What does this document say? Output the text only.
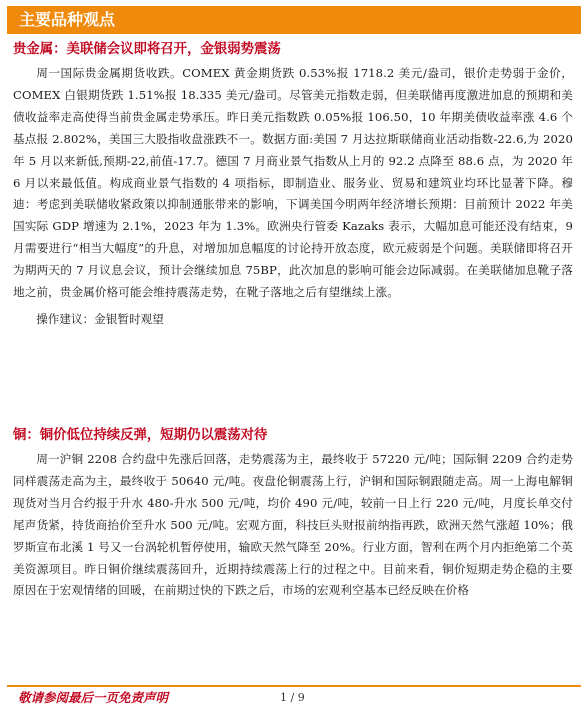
主要品种观点

贵金属：美联储会议即将召开，金银弱势震荡

周一国际贵金属期货收跌。COMEX 黄金期货跌 0.53%报 1718.2 美元/盎司，银价走势弱于金价，COMEX 白银期货跌 1.51%报 18.335 美元/盎司。尽管美元指数走弱，但美联储再度激进加息的预期和美债收益率走高使得当前贵金属走势承压。昨日美元指数跌 0.05%报 106.50，10 年期美债收益率涨 4.6 个基点报 2.802%，美国三大股指收盘涨跌不一。数据方面:美国 7 月达拉斯联储商业活动指数-22.6,为 2020 年 5 月以来新低,预期-22,前值-17.7。德国 7 月商业景气指数从上月的 92.2 点降至 88.6 点，为 2020 年 6 月以来最低值。构成商业景气指数的 4 项指标，即制造业、服务业、贸易和建筑业均环比显著下降。穆迪：考虑到美联储收紧政策以抑制通胀带来的影响，下调美国今明两年经济增长预期：目前预计 2022 年美国实际 GDP 增速为 2.1%，2023 年为 1.3%。欧洲央行管委 Kazaks 表示，大幅加息可能还没有结束，9 月需要进行“相当大幅度”的升息，对增加加息幅度的讨论持开放态度，欧元疲弱是个问题。美联储即将召开为期两天的 7 月议息会议，预计会继续加息 75BP，此次加息的影响可能会边际减弱。在美联储加息靴子落地之前，贵金属价格可能会维持震荡走势，在靴子落地之后有望继续上涨。

操作建议：金银暂时观望

铜：铜价低位持续反弹，短期仍以震荡对待

周一沪铜 2208 合约盘中先涨后回落，走势震荡为主，最终收于 57220 元/吨；国际铜 2209 合约走势同样震荡走高为主，最终收于 50640 元/吨。夜盘伦铜震荡上行，沪铜和国际铜跟随走高。周一上海电解铜现货对当月合约报于升水 480-升水 500 元/吨，均价 490 元/吨，较前一日上行 220 元/吨，月度长单交付尾声货紧，持货商抬价至升水 500 元/吨。宏观方面，科技巨头财报前纳指再跌，欧洲天然气涨超 10%；俄罗斯宣布北溪 1 号又一台涡轮机暂停使用，输欧天然气降至 20%。行业方面，智利在两个月内拒绝第二个英美资源项目。昨日铜价继续震荡回升，近期持续震荡上行的过程之中。目前来看，铜价短期走势企稳的主要原因在于宏观情绪的回暖，在前期过快的下跌之后，市场的宏观利空基本已经反映在价格

敬请参阅最后一页免责声明	1 / 9
